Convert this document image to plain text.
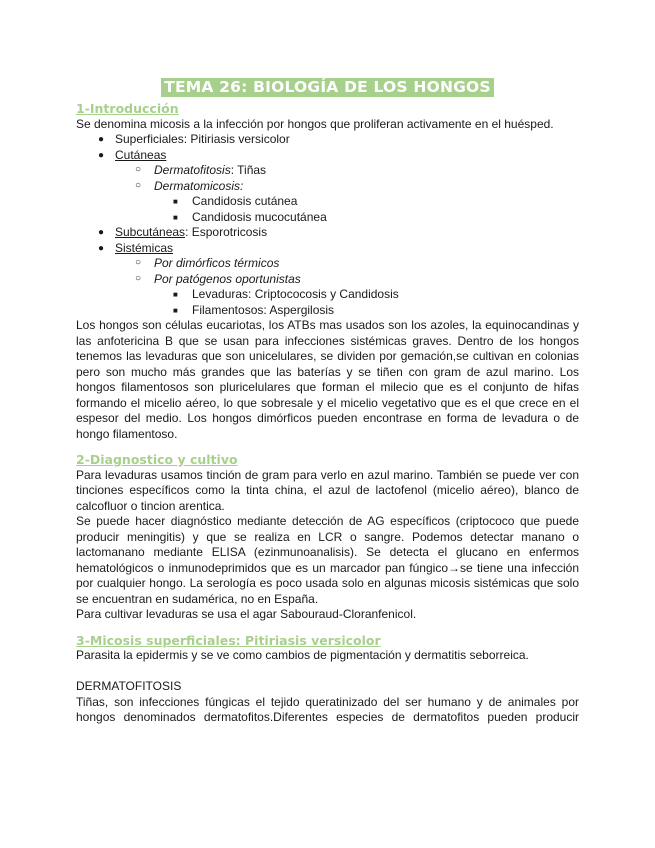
TEMA 26: BIOLOGÍA DE LOS HONGOS
1-Introducción

Se denomina micosis a la infección por hongos que proliferan activamente en el huésped.

● Superficiales: Pitiriasis versicolor
● Cutáneas
○ Dermatofitosis: Tiñas
○ Dermatomicosis:
■ Candidosis cutánea
■ Candidosis mucocutánea
● Subcutáneas: Esporotricosis
● Sistémicas
○ Por dimórficos térmicos
○ Por patógenos oportunistas
■ Levaduras: Criptococosis y Candidosis
■ Filamentosos: Aspergilosis

Los hongos son células eucariotas, los ATBs mas usados son los azoles, la equinocandinas y las anfotericina B que se usan para infecciones sistémicas graves. Dentro de los hongos tenemos las levaduras que son unicelulares, se dividen por gemación,se cultivan en colonias pero son mucho más grandes que las baterías y se tiñen con gram de azul marino. Los hongos filamentosos son pluricelulares que forman el milecio que es el conjunto de hifas formando el micelio aéreo, lo que sobresale y el micelio vegetativo que es el que crece en el espesor del medio. Los hongos dimórficos pueden encontrase en forma de levadura o de hongo filamentoso.

2-Diagnostico y cultivo

Para levaduras usamos tinción de gram para verlo en azul marino. También se puede ver con tinciones específicos como la tinta china, el azul de lactofenol (micelio aéreo), blanco de calcofluor o tincion arentica.

Se puede hacer diagnóstico mediante detección de AG específicos (criptococo que puede producir meningitis) y que se realiza en LCR o sangre. Podemos detectar manano o lactomanano mediante ELISA (ezinmunoanalisis). Se detecta el glucano en enfermos hematológicos o inmunodeprimidos que es un marcador pan fúngico→se tiene una infección por cualquier hongo. La serología es poco usada solo en algunas micosis sistémicas que solo se encuentran en sudamérica, no en España.

Para cultivar levaduras se usa el agar Sabouraud-Cloranfenicol.

3-Micosis superficiales: Pitiriasis versicolor

Parasita la epidermis y se ve como cambios de pigmentación y dermatitis seborreica.

DERMATOFITOSIS

Tiñas, son infecciones fúngicas el tejido queratinizado del ser humano y de animales por hongos denominados dermatofitos.Diferentes especies de dermatofitos pueden producir
